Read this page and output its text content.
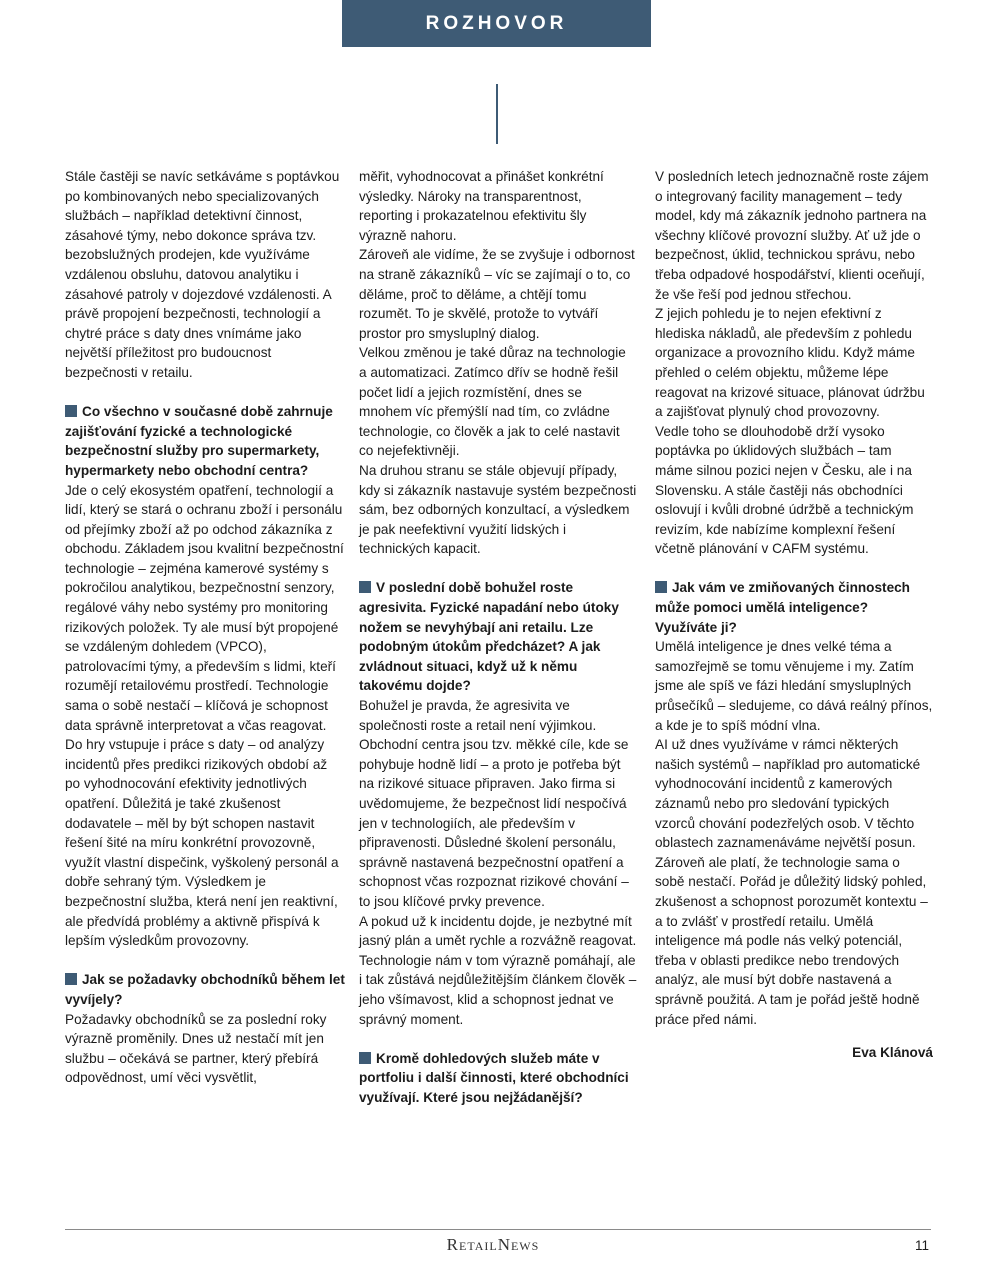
ROZHOVOR

Stále častěji se navíc setkáváme s poptávkou po kombinovaných nebo specializovaných službách – například detektivní činnost, zásahové týmy, nebo dokonce správa tzv. bezobslužných prodejen, kde využíváme vzdálenou obsluhu, datovou analytiku i zásahové patroly v dojezdové vzdálenosti. A právě propojení bezpečnosti, technologií a chytré práce s daty dnes vnímáme jako největší příležitost pro budoucnost bezpečnosti v retailu.

Co všechno v současné době zahrnuje zajišťování fyzické a technologické bezpečnostní služby pro supermarkety, hypermarkety nebo obchodní centra?

Jde o celý ekosystém opatření, technologií a lidí, který se stará o ochranu zboží i personálu od přejímky zboží až po odchod zákazníka z obchodu. Základem jsou kvalitní bezpečnostní technologie – zejména kamerové systémy s pokročilou analytikou, bezpečnostní senzory, regálové váhy nebo systémy pro monitoring rizikových položek. Ty ale musí být propojené se vzdáleným dohledem (VPCO), patrolovacími týmy, a především s lidmi, kteří rozumějí retailovému prostředí. Technologie sama o sobě nestačí – klíčová je schopnost data správně interpretovat a včas reagovat.

Do hry vstupuje i práce s daty – od analýzy incidentů přes predikci rizikových období až po vyhodnocování efektivity jednotlivých opatření. Důležitá je také zkušenost dodavatele – měl by být schopen nastavit řešení šité na míru konkrétní provozovně, využít vlastní dispečink, vyškolený personál a dobře sehraný tým. Výsledkem je bezpečnostní služba, která není jen reaktivní, ale předvídá problémy a aktivně přispívá k lepším výsledkům provozovny.

Jak se požadavky obchodníků během let vyvíjely?

Požadavky obchodníků se za poslední roky výrazně proměnily. Dnes už nestačí mít jen službu – očekává se partner, který přebírá odpovědnost, umí věci vysvětlit,

měřit, vyhodnocovat a přinášet konkrétní výsledky. Nároky na transparentnost, reporting i prokazatelnou efektivitu šly výrazně nahoru.

Zároveň ale vidíme, že se zvyšuje i odbornost na straně zákazníků – víc se zajímají o to, co děláme, proč to děláme, a chtějí tomu rozumět. To je skvělé, protože to vytváří prostor pro smysluplný dialog.

Velkou změnou je také důraz na technologie a automatizaci. Zatímco dřív se hodně řešil počet lidí a jejich rozmístění, dnes se mnohem víc přemýšlí nad tím, co zvládne technologie, co člověk a jak to celé nastavit co nejefektivněji.

Na druhou stranu se stále objevují případy, kdy si zákazník nastavuje systém bezpečnosti sám, bez odborných konzultací, a výsledkem je pak neefektivní využití lidských i technických kapacit.

V poslední době bohužel roste agresivita. Fyzické napadání nebo útoky nožem se nevyhýbají ani retailu. Lze podobným útokům předcházet? A jak zvládnout situaci, když už k němu takovému dojde?

Bohužel je pravda, že agresivita ve společnosti roste a retail není výjimkou. Obchodní centra jsou tzv. měkké cíle, kde se pohybuje hodně lidí – a proto je potřeba být na rizikové situace připraven. Jako firma si uvědomujeme, že bezpečnost lidí nespočívá jen v technologiích, ale především v připravenosti. Důsledné školení personálu, správně nastavená bezpečnostní opatření a schopnost včas rozpoznat rizikové chování – to jsou klíčové prvky prevence.

A pokud už k incidentu dojde, je nezbytné mít jasný plán a umět rychle a rozvážně reagovat. Technologie nám v tom výrazně pomáhají, ale i tak zůstává nejdůležitějším článkem člověk – jeho všímavost, klid a schopnost jednat ve správný moment.

Kromě dohledových služeb máte v portfoliu i další činnosti, které obchodníci využívají. Které jsou nejžádanější?

V posledních letech jednoznačně roste zájem o integrovaný facility management – tedy model, kdy má zákazník jednoho partnera na všechny klíčové provozní služby. Ať už jde o bezpečnost, úklid, technickou správu, nebo třeba odpadové hospodářství, klienti oceňují, že vše řeší pod jednou střechou.

Z jejich pohledu je to nejen efektivní z hlediska nákladů, ale především z pohledu organizace a provozního klidu. Když máme přehled o celém objektu, můžeme lépe reagovat na krizové situace, plánovat údržbu a zajišťovat plynulý chod provozovny.

Vedle toho se dlouhodobě drží vysoko poptávka po úklidových službách – tam máme silnou pozici nejen v Česku, ale i na Slovensku. A stále častěji nás obchodníci oslovují i kvůli drobné údržbě a technickým revizím, kde nabízíme komplexní řešení včetně plánování v CAFM systému.

Jak vám ve zmiňovaných činnostech může pomoci umělá inteligence? Využíváte ji?

Umělá inteligence je dnes velké téma a samozřejmě se tomu věnujeme i my. Zatím jsme ale spíš ve fázi hledání smysluplných průsečíků – sledujeme, co dává reálný přínos, a kde je to spíš módní vlna.

AI už dnes využíváme v rámci některých našich systémů – například pro automatické vyhodnocování incidentů z kamerových záznamů nebo pro sledování typických vzorců chování podezřelých osob. V těchto oblastech zaznamenáváme největší posun.

Zároveň ale platí, že technologie sama o sobě nestačí. Pořád je důležitý lidský pohled, zkušenost a schopnost porozumět kontextu – a to zvlášť v prostředí retailu. Umělá inteligence má podle nás velký potenciál, třeba v oblasti predikce nebo trendových analýz, ale musí být dobře nastavená a správně použitá. A tam je pořád ještě hodně práce před námi.

Eva Klánová

RetailNews	11
